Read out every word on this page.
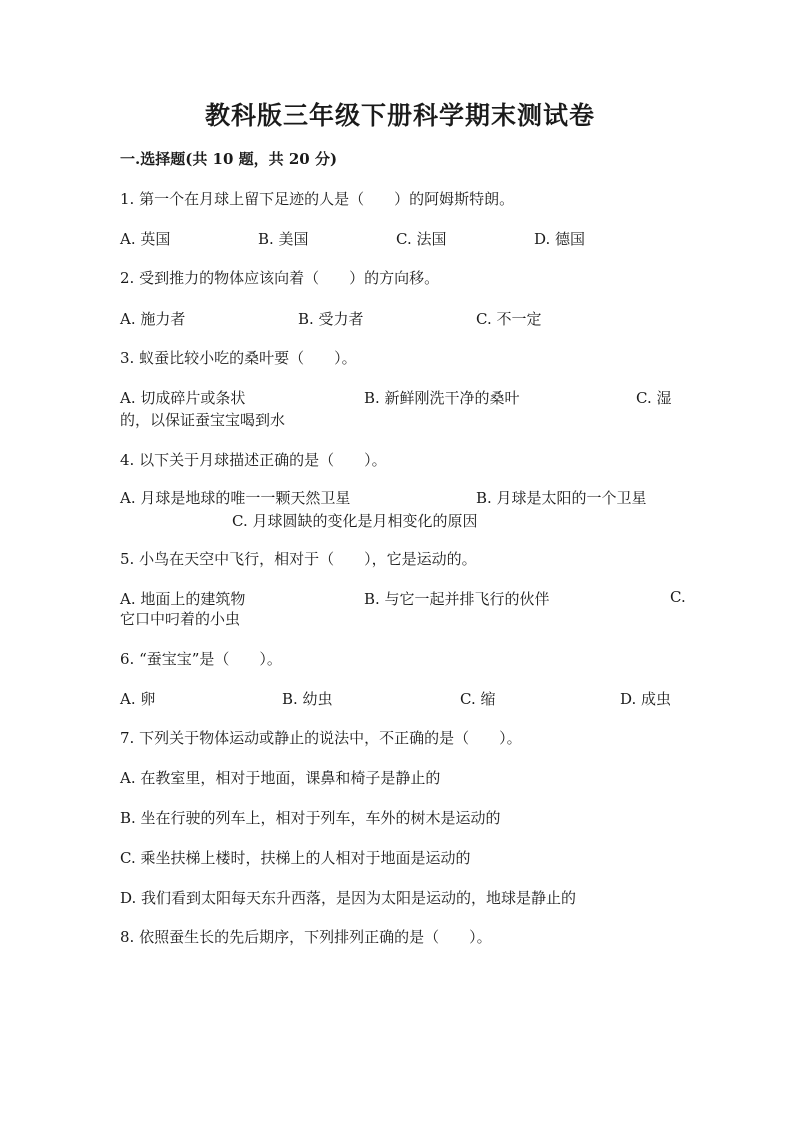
教科版三年级下册科学期末测试卷
一.选择题(共 10 题，共 20 分)
1. 第一个在月球上留下足迹的人是（　　）的阿姆斯特朗。
A. 英国	B. 美国	C. 法国	D. 德国
2. 受到推力的物体应该向着（　　）的方向移。
A. 施力者	B. 受力者	C. 不一定
3. 蚁蚕比较小吃的桑叶要（　　）。
A. 切成碎片或条状	B. 新鲜刚洗干净的桑叶	C. 湿
的，以保证蚕宝宝喝到水
4. 以下关于月球描述正确的是（　　）。
A. 月球是地球的唯一一颗天然卫星	B. 月球是太阳的一个卫星
C. 月球圆缺的变化是月相变化的原因
5. 小鸟在天空中飞行，相对于（　　），它是运动的。
A. 地面上的建筑物	B. 与它一起并排飞行的伙伴	C.
它口中叼着的小虫
6. “蚕宝宝”是（　　）。
A. 卵	B. 幼虫	C. 缩	D. 成虫
7. 下列关于物体运动或静止的说法中，不正确的是（　　）。
A. 在教室里，相对于地面，课鼻和椅子是静止的
B. 坐在行驶的列车上，相对于列车，车外的树木是运动的
C. 乘坐扶梯上楼时，扶梯上的人相对于地面是运动的
D. 我们看到太阳每天东升西落，是因为太阳是运动的，地球是静止的
8. 依照蚕生长的先后期序，下列排列正确的是（　　）。
